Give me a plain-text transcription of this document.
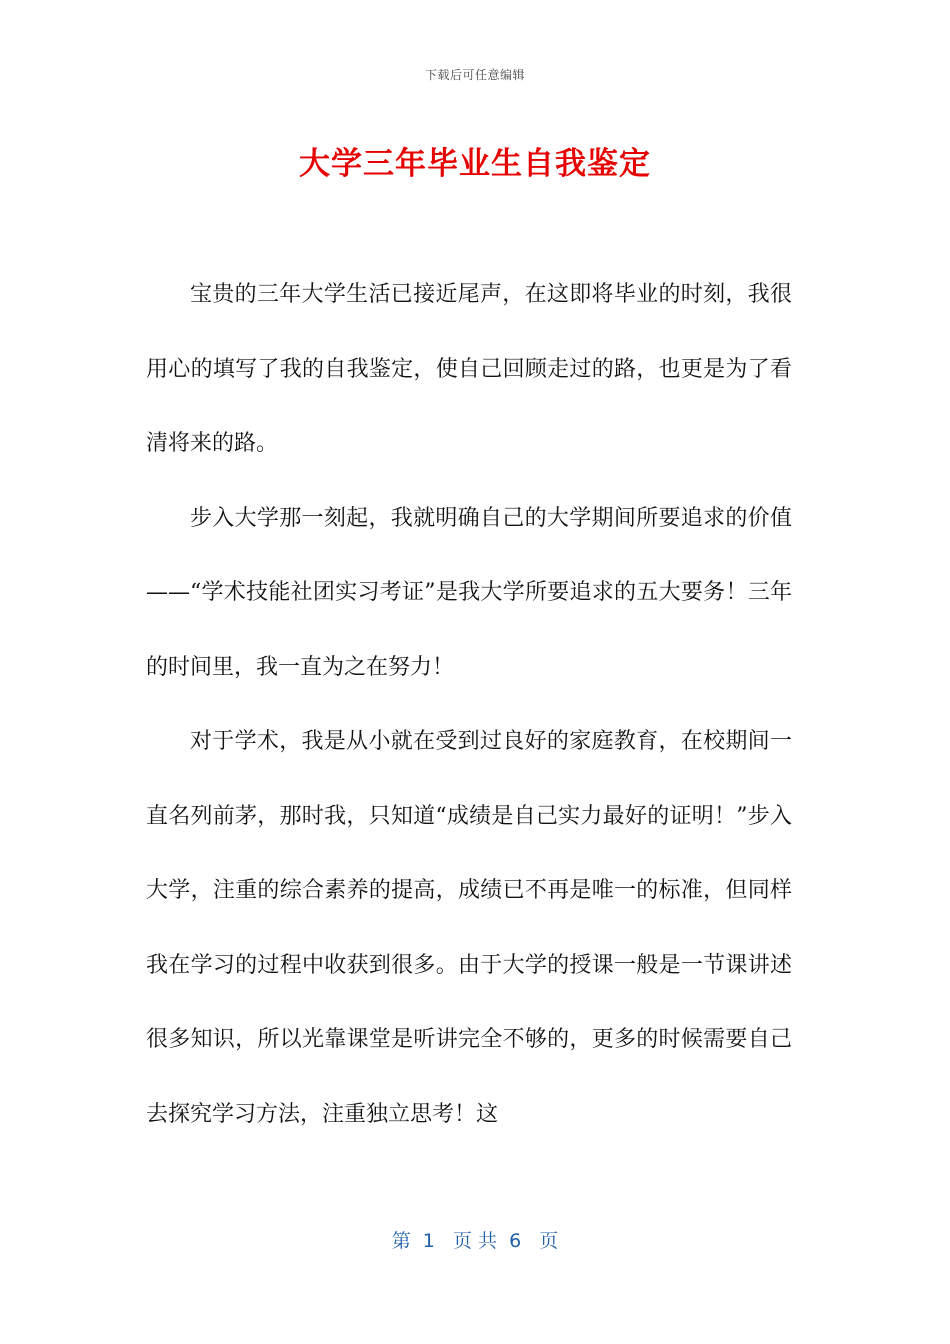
下载后可任意编辑
大学三年毕业生自我鉴定

宝贵的三年大学生活已接近尾声，在这即将毕业的时刻，我很用心的填写了我的自我鉴定，使自己回顾走过的路，也更是为了看清将来的路。

步入大学那一刻起，我就明确自己的大学期间所要追求的价值——“学术技能社团实习考证”是我大学所要追求的五大要务！三年的时间里，我一直为之在努力！

对于学术，我是从小就在受到过良好的家庭教育，在校期间一直名列前茅，那时我，只知道“成绩是自己实力最好的证明！”步入大学，注重的综合素养的提高，成绩已不再是唯一的标准，但同样我在学习的过程中收获到很多。由于大学的授课一般是一节课讲述很多知识，所以光靠课堂是听讲完全不够的，更多的时候需要自己去探究学习方法，注重独立思考！这

第  1   页 共  6   页
